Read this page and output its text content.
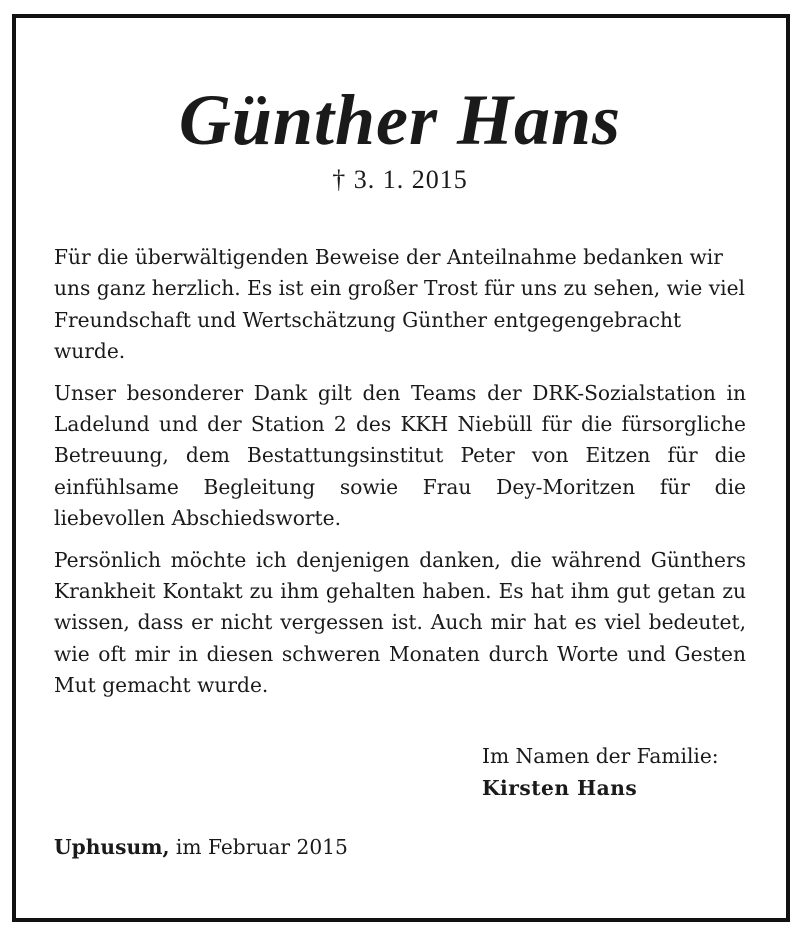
Günther Hans
† 3. 1. 2015

Für die überwältigenden Beweise der Anteilnahme bedanken wir uns ganz herzlich. Es ist ein großer Trost für uns zu sehen, wie viel Freundschaft und Wertschätzung Günther entgegengebracht wurde.

Unser besonderer Dank gilt den Teams der DRK-Sozialstation in Ladelund und der Station 2 des KKH Niebüll für die fürsorgliche Betreuung, dem Bestattungsinstitut Peter von Eitzen für die einfühlsame Begleitung sowie Frau Dey-Moritzen für die liebevollen Abschiedsworte.

Persönlich möchte ich denjenigen danken, die während Günthers Krankheit Kontakt zu ihm gehalten haben. Es hat ihm gut getan zu wissen, dass er nicht vergessen ist. Auch mir hat es viel bedeutet, wie oft mir in diesen schweren Monaten durch Worte und Gesten Mut gemacht wurde.

Im Namen der Familie:
Kirsten Hans
Uphusum, im Februar 2015
